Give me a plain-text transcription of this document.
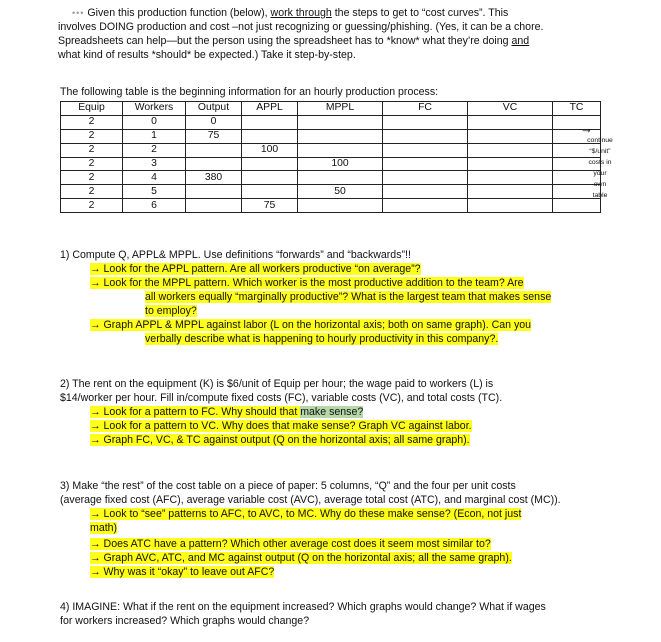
••• Given this production function (below), work through the steps to get to “cost curves”. This
involves DOING production and cost –not just recognizing or guessing/phishing. (Yes, it can be a chore.
Spreadsheets can help—but the person using the spreadsheet has to *know* what they’re doing and
what kind of results *should* be expected.) Take it step-by-step.
The following table is the beginning information for an hourly production process:
Equip	Workers	Output	APPL	MPPL	FC	VC	TC
2	0	0					
2	1	75					
2	2		100				
2	3			100			
2	4	380					
2	5			50			
2	6		75				
→
continue
“$/unit”
costs in
your
own
table
1) Compute Q, APPL& MPPL. Use definitions “forwards” and “backwards”!!
→ Look for the APPL pattern. Are all workers productive “on average”?
→ Look for the MPPL pattern. Which worker is the most productive addition to the team? Are
all workers equally “marginally productive”? What is the largest team that makes sense
to employ?
→ Graph APPL & MPPL against labor (L on the horizontal axis; both on same graph). Can you
verbally describe what is happening to hourly productivity in this company?.
2) The rent on the equipment (K) is $6/unit of Equip per hour; the wage paid to workers (L) is
$14/worker per hour. Fill in/compute fixed costs (FC), variable costs (VC), and total costs (TC).
→ Look for a pattern to FC. Why should that make sense?
→ Look for a pattern to VC. Why does that make sense? Graph VC against labor.
→ Graph FC, VC, & TC against output (Q on the horizontal axis; all same graph).
3) Make “the rest” of the cost table on a piece of paper: 5 columns, “Q” and the four per unit costs
(average fixed cost (AFC), average variable cost (AVC), average total cost (ATC), and marginal cost (MC)).
→ Look to “see” patterns to AFC, to AVC, to MC. Why do these make sense? (Econ, not just
math)
→ Does ATC have a pattern? Which other average cost does it seem most similar to?
→ Graph AVC, ATC, and MC against output (Q on the horizontal axis; all the same graph).
→ Why was it “okay” to leave out AFC?
4) IMAGINE: What if the rent on the equipment increased? Which graphs would change? What if wages
for workers increased? Which graphs would change?
